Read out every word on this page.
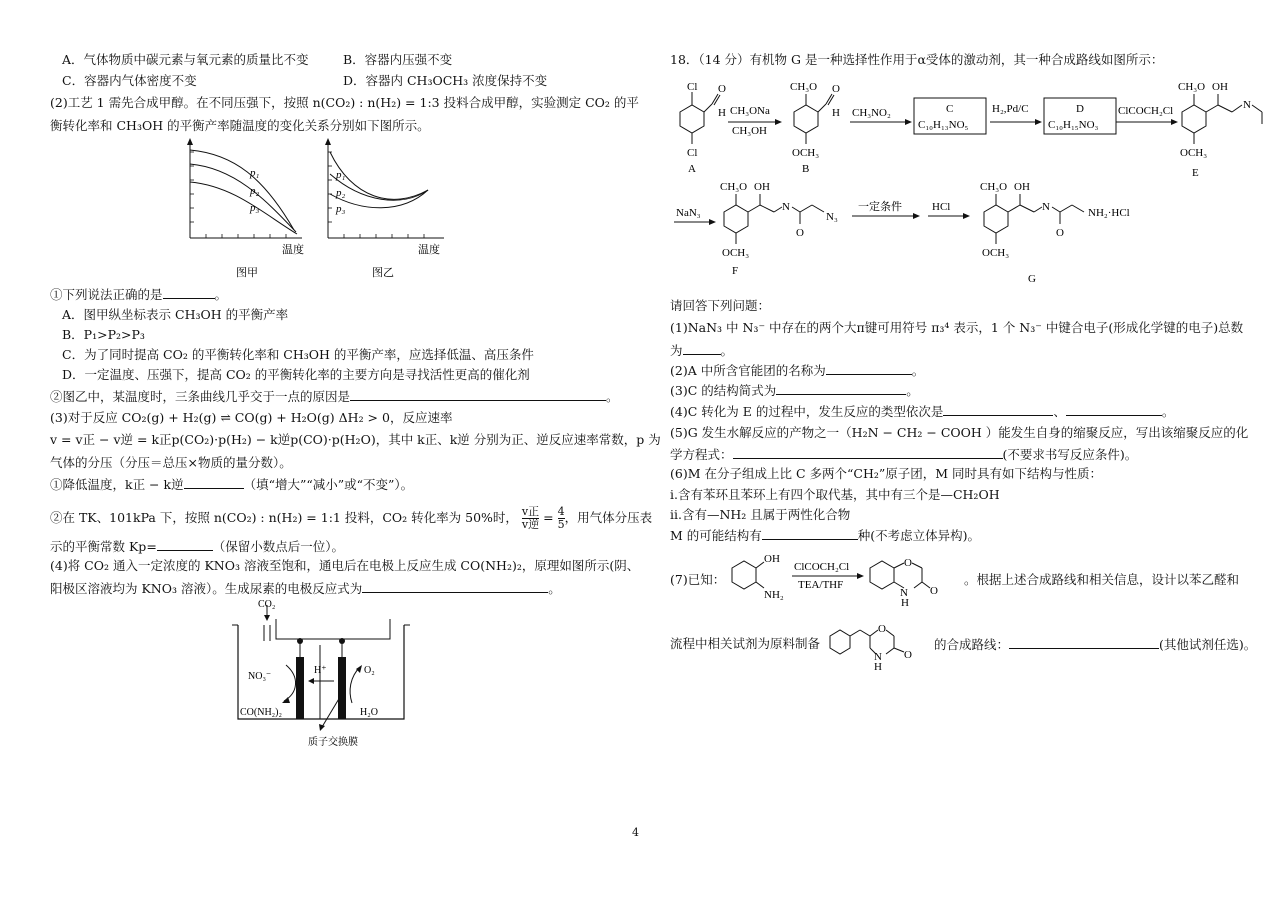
A．气体物质中碳元素与氧元素的质量比不变	B．容器内压强不变
C．容器内气体密度不变	D．容器内 CH₃OCH₃ 浓度保持不变
(2)工艺 1 需先合成甲醇。在不同压强下，按照 n(CO₂) : n(H₂) = 1:3 投料合成甲醇，实验测定 CO₂ 的平
衡转化率和 CH₃OH 的平衡产率随温度的变化关系分别如下图所示。
p₁
p₂
p₃
温度
图甲
p₁
p₂
p₃
温度
图乙
①下列说法正确的是	。
A．图甲纵坐标表示 CH₃OH 的平衡产率
B．P₁>P₂>P₃
C．为了同时提高 CO₂ 的平衡转化率和 CH₃OH 的平衡产率，应选择低温、高压条件
D．一定温度、压强下，提高 CO₂ 的平衡转化率的主要方向是寻找活性更高的催化剂
②图乙中，某温度时，三条曲线几乎交于一点的原因是	。
(3)对于反应 CO₂(g) + H₂(g) ⇌ CO(g) + H₂O(g) ΔH₂ > 0，反应速率
v = v正 − v逆 = k正p(CO₂)·p(H₂) − k逆p(CO)·p(H₂O)，其中 k正、k逆 分别为正、逆反应速率常数，p 为
气体的分压（分压＝总压×物质的量分数）。
①降低温度，k正 − k逆	（填“增大”“减小”或“不变”）。
②在 TK、101kPa 下，按照 n(CO₂) : n(H₂) = 1:1 投料，CO₂ 转化率为 50%时， v正
v逆 = $\frac{4}{5}$ ，用气体分压表
示的平衡常数 Kp=	（保留小数点后一位）。
(4)将 CO₂ 通入一定浓度的 KNO₃ 溶液至饱和，通电后在电极上反应生成 CO(NH₂)₂，原理如图所示(阴、
阳极区溶液均为 KNO₃ 溶液）。生成尿素的电极反应式为	。
CO₂
H⁺
NO₃⁻
CO(NH₂)₂
O₂
H₂O
质子交换膜
18．（14 分）有机物 G 是一种选择性作用于α受体的激动剂，其一种合成路线如图所示：
Cl O
H
Cl
A
CH₃ONa
CH₃OH
CH₃O O
H
OCH₃
B
CH₃NO₂	C
C₁₀H₁₃NO₅
H₂,Pd/C	D
C₁₀H₁₅NO₃
ClCOCH₂Cl
CH₃O OH
N
OCH₃
E
NaN₃
CH₃O OH
N
O
N₃
OCH₃
F
一定条件	HCl
CH₃O OH
N
O
NH₂·HCl
OCH₃
G
请回答下列问题：
(1)NaN₃ 中 N₃⁻ 中存在的两个大π键可用符号 π₃⁴ 表示，1 个 N₃⁻ 中键合电子(形成化学键的电子)总数
为	。
(2)A 中所含官能团的名称为	。
(3)C 的结构简式为	。
(4)C 转化为 E 的过程中，发生反应的类型依次是	、	。
(5)G 发生水解反应的产物之一（H₂N − CH₂ − COOH ）能发生自身的缩聚反应，写出该缩聚反应的化
学方程式：	(不要求书写反应条件)。
(6)M 在分子组成上比 C 多两个“CH₂”原子团，M 同时具有如下结构与性质：
i.含有苯环且苯环上有四个取代基，其中有三个是—CH₂OH
ii.含有—NH₂ 且属于两性化合物
M 的可能结构有	种(不考虑立体异构)。
(7)已知：
OH
NH₂
ClCOCH₂Cl
TEA/THF
O
N
H
O
。根据上述合成路线和相关信息，设计以苯乙醛和
流程中相关试剂为原料制备
O
N
H
O
的合成路线：	(其他试剂任选)。
4
